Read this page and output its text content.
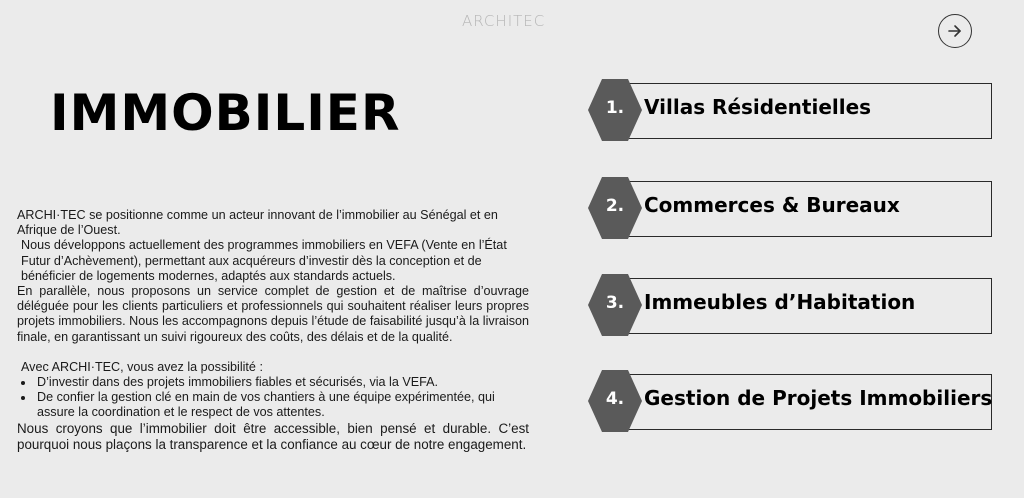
ARCHITEC
IMMOBILIER

ARCHI·TEC se positionne comme un acteur innovant de l’immobilier au Sénégal et en Afrique de l’Ouest.

Nous développons actuellement des programmes immobiliers en VEFA (Vente en l’État Futur d’Achèvement), permettant aux acquéreurs d’investir dès la conception et de bénéficier de logements modernes, adaptés aux standards actuels.

En parallèle, nous proposons un service complet de gestion et de maîtrise d’ouvrage déléguée pour les clients particuliers et professionnels qui souhaitent réaliser leurs propres projets immobiliers. Nous les accompagnons depuis l’étude de faisabilité jusqu’à la livraison finale, en garantissant un suivi rigoureux des coûts, des délais et de la qualité.

Avec ARCHI·TEC, vous avez la possibilité :

• D’investir dans des projets immobiliers fiables et sécurisés, via la VEFA.
• De confier la gestion clé en main de vos chantiers à une équipe expérimentée, qui assure la coordination et le respect de vos attentes.

Nous croyons que l’immobilier doit être accessible, bien pensé et durable. C’est pourquoi nous plaçons la transparence et la confiance au cœur de notre engagement.

1. Villas Résidentielles
2. Commerces & Bureaux
3. Immeubles d’Habitation
4. Gestion de Projets Immobiliers
